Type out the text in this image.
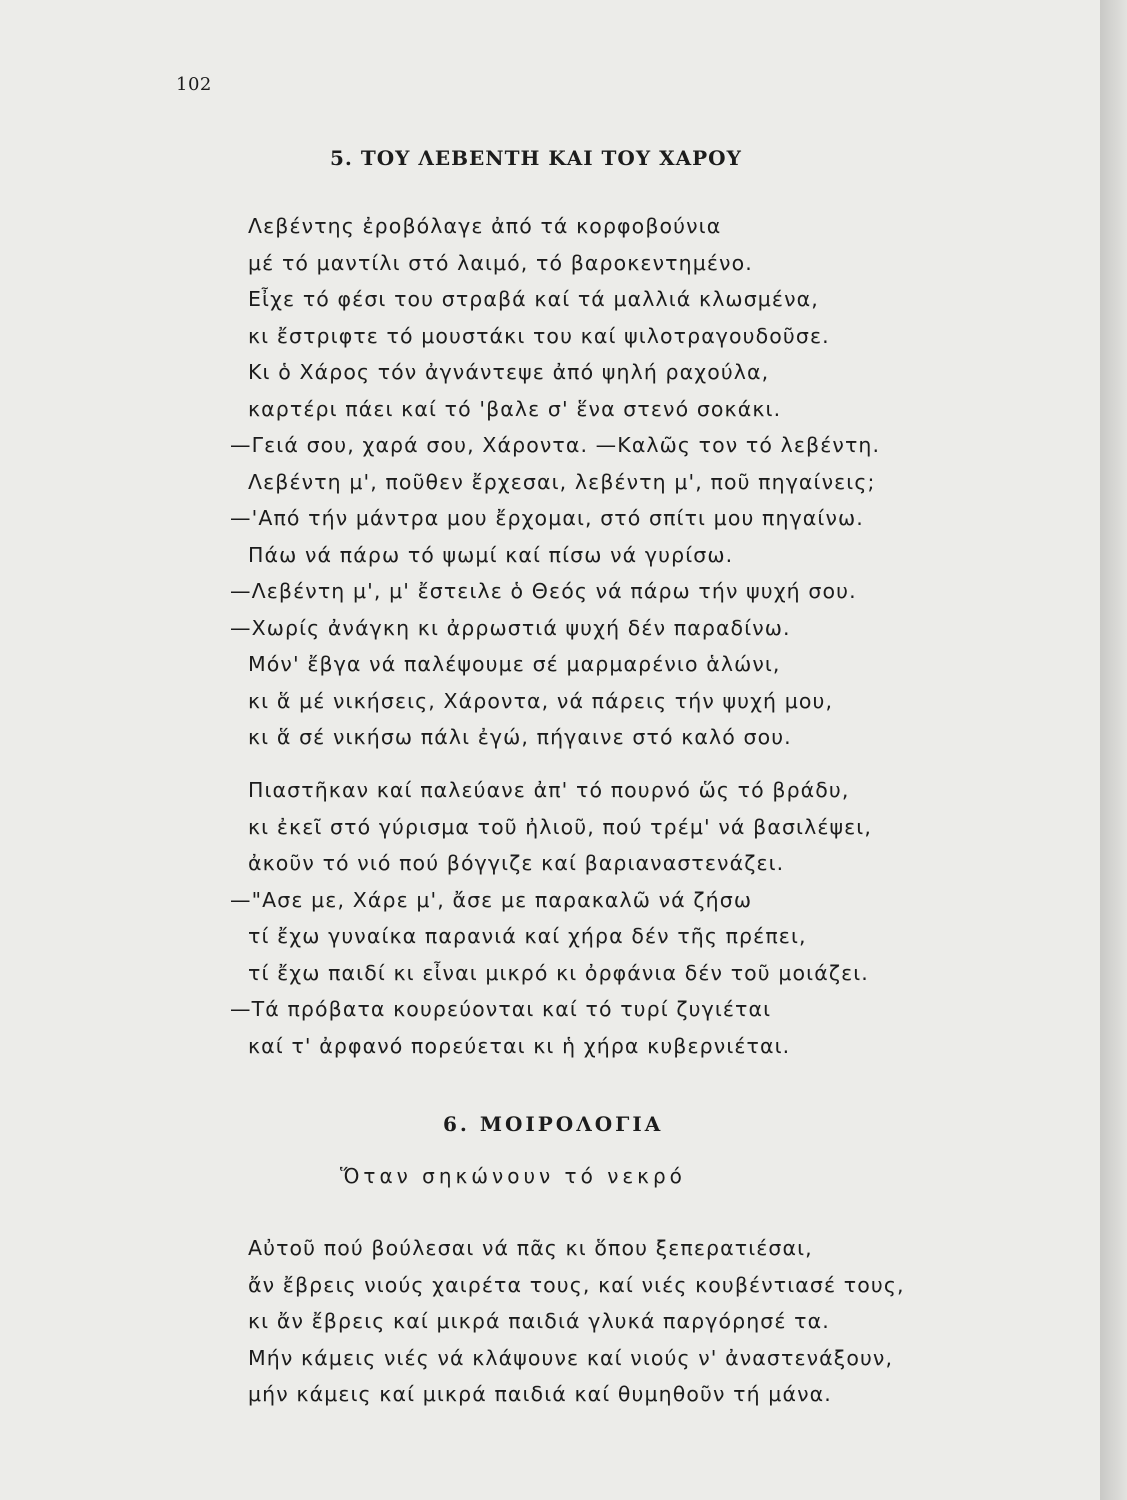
102
5. ΤΟΥ ΛΕΒΕΝΤΗ ΚΑΙ ΤΟΥ ΧΑΡΟΥ
Λεβέντης ἐροβόλαγε ἀπό τά κορφοβούνια
μέ τό μαντίλι στό λαιμό, τό βαροκεντημένο.
Εἶχε τό φέσι του στραβά καί τά μαλλιά κλωσμένα,
κι ἔστριφτε τό μουστάκι του καί ψιλοτραγουδοῦσε.
Κι ὁ Χάρος τόν ἀγνάντεψε ἀπό ψηλή ραχούλα,
καρτέρι πάει καί τό 'βαλε σ' ἕνα στενό σοκάκι.
—Γειά σου, χαρά σου, Χάροντα. —Καλῶς τον τό λεβέντη.
Λεβέντη μ', ποῦθεν ἔρχεσαι, λεβέντη μ', ποῦ πηγαίνεις;
—'Από τήν μάντρα μου ἔρχομαι, στό σπίτι μου πηγαίνω.
Πάω νά πάρω τό ψωμί καί πίσω νά γυρίσω.
—Λεβέντη μ', μ' ἔστειλε ὁ Θεός νά πάρω τήν ψυχή σου.
—Χωρίς ἀνάγκη κι ἀρρωστιά ψυχή δέν παραδίνω.
Μόν' ἔβγα νά παλέψουμε σέ μαρμαρένιο ἁλώνι,
κι ἅ μέ νικήσεις, Χάροντα, νά πάρεις τήν ψυχή μου,
κι ἅ σέ νικήσω πάλι ἐγώ, πήγαινε στό καλό σου.
Πιαστῆκαν καί παλεύανε ἀπ' τό πουρνό ὥς τό βράδυ,
κι ἐκεῖ στό γύρισμα τοῦ ἠλιοῦ, πού τρέμ' νά βασιλέψει,
ἀκοῦν τό νιό πού βόγγιζε καί βαριαναστενάζει.
—"Ασε με, Χάρε μ', ἄσε με παρακαλῶ νά ζήσω
τί ἔχω γυναίκα παρανιά καί χήρα δέν τῆς πρέπει,
τί ἔχω παιδί κι εἶναι μικρό κι ὀρφάνια δέν τοῦ μοιάζει.
—Τά πρόβατα κουρεύονται καί τό τυρί ζυγιέται
καί τ' ἀρφανό πορεύεται κι ἡ χήρα κυβερνιέται.
6. ΜΟΙΡΟΛΟΓΙΑ
Ὅταν σηκώνουν τό νεκρό
Αὐτοῦ πού βούλεσαι νά πᾶς κι ὅπου ξεπερατιέσαι,
ἄν ἔβρεις νιούς χαιρέτα τους, καί νιές κουβέντιασέ τους,
κι ἄν ἔβρεις καί μικρά παιδιά γλυκά παργόρησέ τα.
Μήν κάμεις νιές νά κλάψουνε καί νιούς ν' ἀναστενάξουν,
μήν κάμεις καί μικρά παιδιά καί θυμηθοῦν τή μάνα.
